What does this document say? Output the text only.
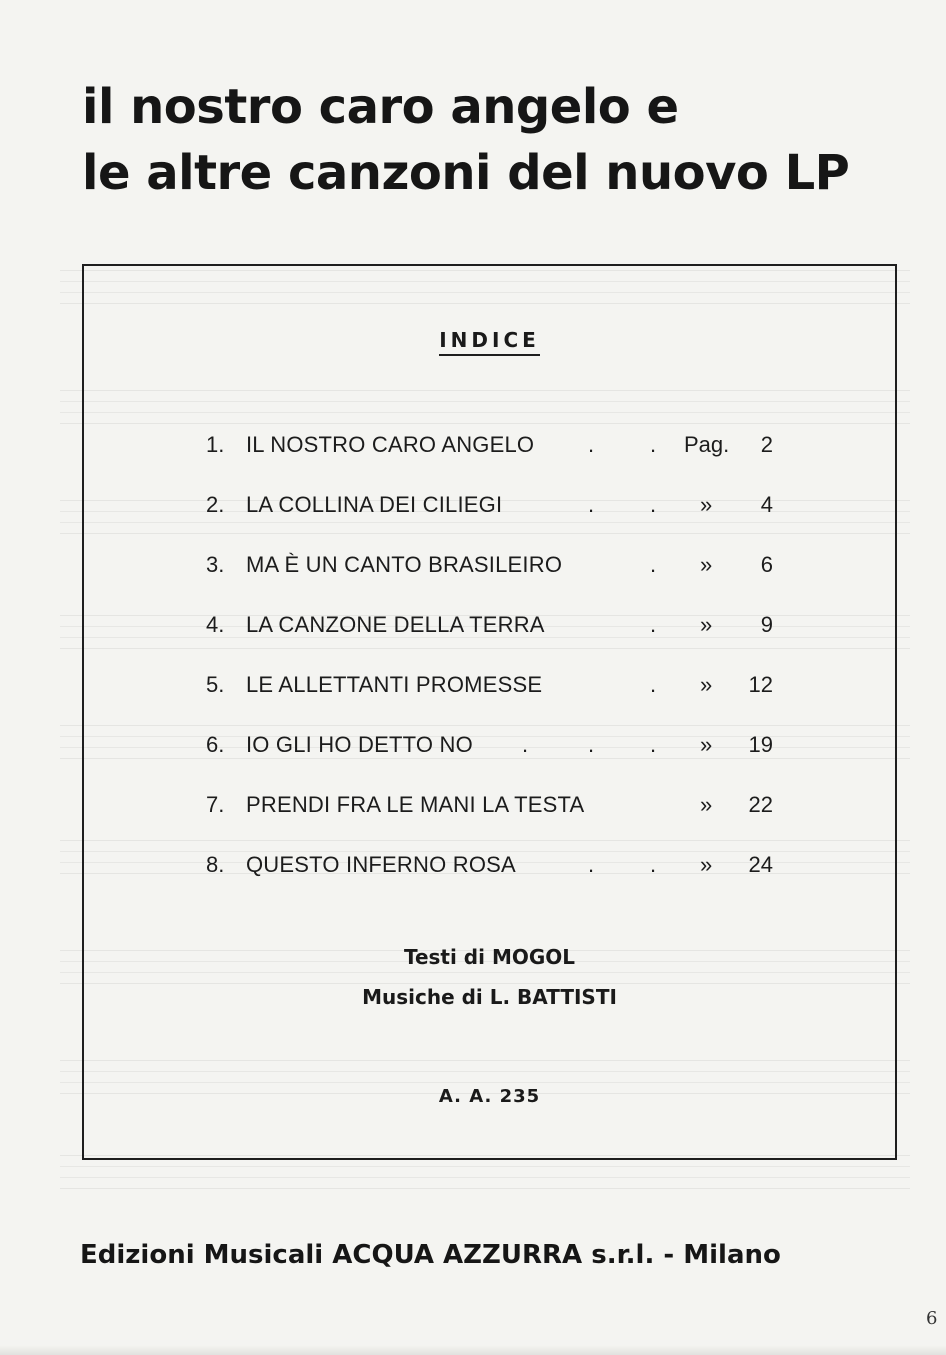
il nostro caro angelo e
le altre canzoni del nuovo LP
INDICE
1. IL NOSTRO CARO ANGELO .	. Pag.	2
2. LA COLLINA DEI CILIEGI	.	. »	4
3. MA È UN CANTO BRASILEIRO	. »	6
4. LA CANZONE DELLA TERRA	. »	9
5. LE ALLETTANTI PROMESSE	. »	12
6. IO GLI HO DETTO NO .	.	. »	19
7. PRENDI FRA LE MANI LA TESTA	»	22
8. QUESTO INFERNO ROSA	.	. »	24
Testi di MOGOL
Musiche di L. BATTISTI
A. A. 235

Edizioni Musicali ACQUA AZZURRA s.r.l. - Milano

6
